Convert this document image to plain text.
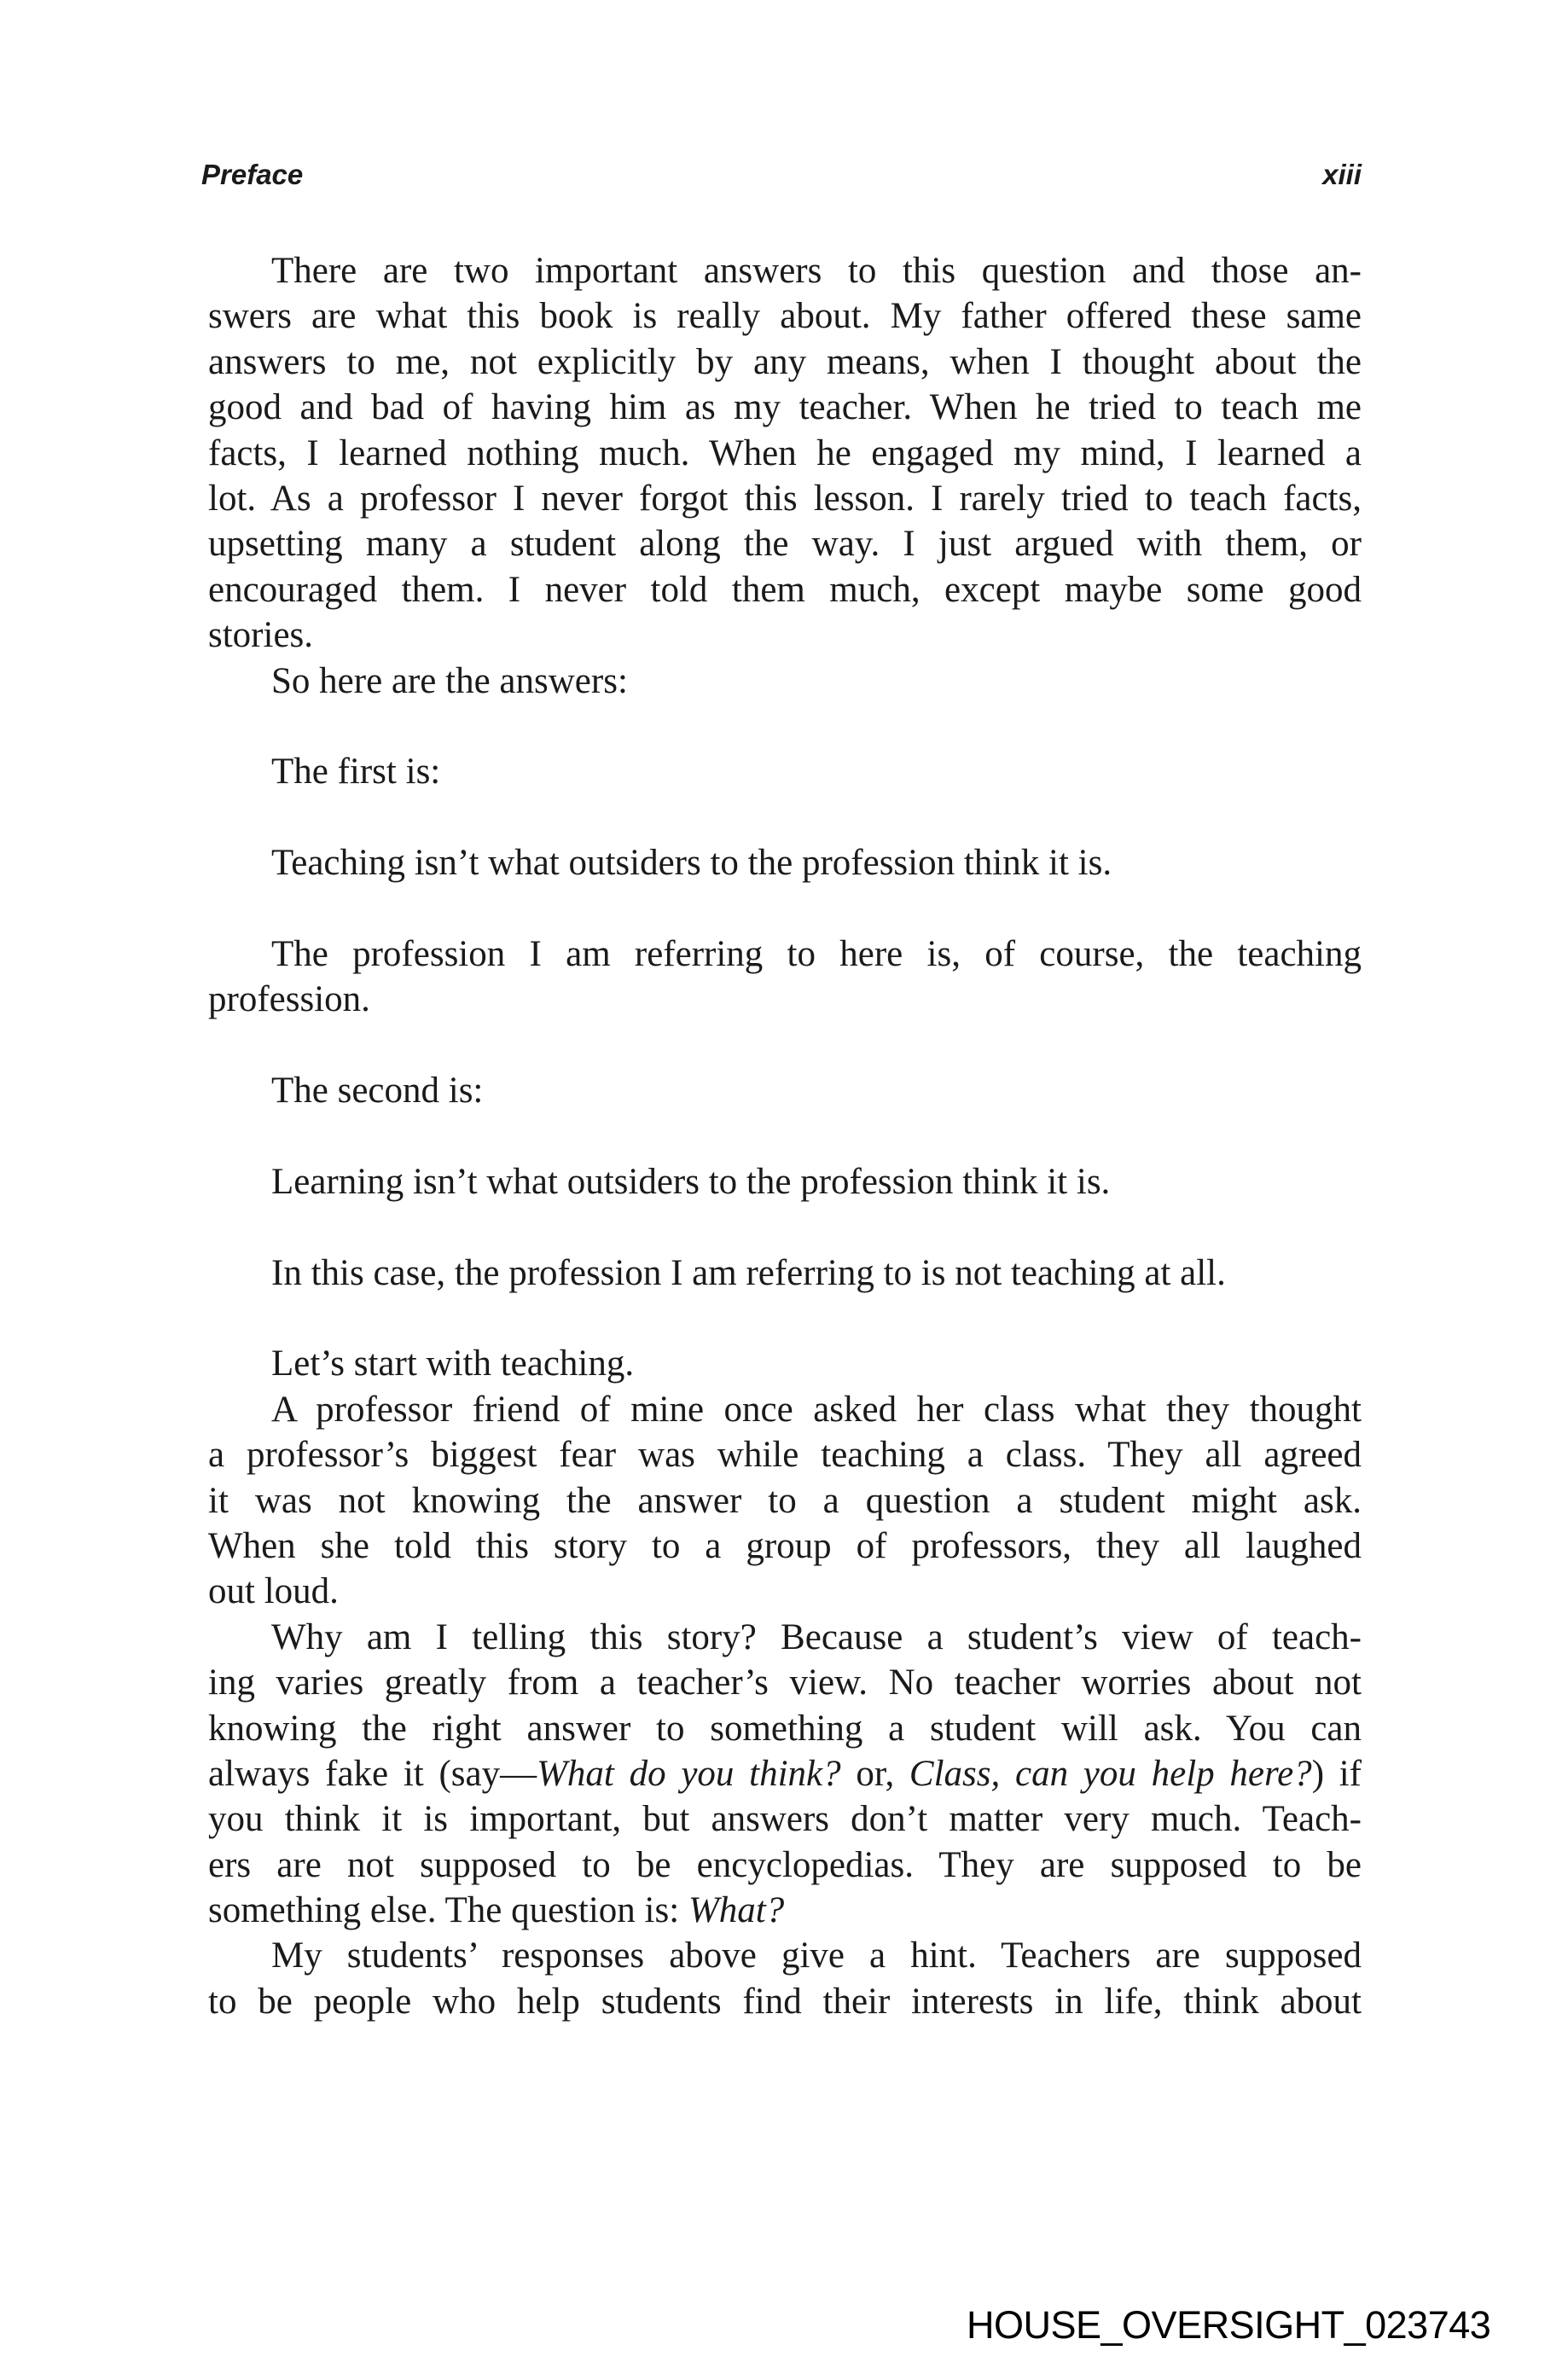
Preface	xiii
There are two important answers to this question and those an-
swers are what this book is really about. My father offered these same
answers to me, not explicitly by any means, when I thought about the
good and bad of having him as my teacher. When he tried to teach me
facts, I learned nothing much. When he engaged my mind, I learned a
lot. As a professor I never forgot this lesson. I rarely tried to teach facts,
upsetting many a student along the way. I just argued with them, or
encouraged them. I never told them much, except maybe some good
stories.
So here are the answers:
The first is:
Teaching isn’t what outsiders to the profession think it is.
The profession I am referring to here is, of course, the teaching
profession.
The second is:
Learning isn’t what outsiders to the profession think it is.
In this case, the profession I am referring to is not teaching at all.
Let’s start with teaching.
A professor friend of mine once asked her class what they thought
a professor’s biggest fear was while teaching a class. They all agreed
it was not knowing the answer to a question a student might ask.
When she told this story to a group of professors, they all laughed
out loud.
Why am I telling this story? Because a student’s view of teach-
ing varies greatly from a teacher’s view. No teacher worries about not
knowing the right answer to something a student will ask. You can
always fake it (say—What do you think? or, Class, can you help here?) if
you think it is important, but answers don’t matter very much. Teach-
ers are not supposed to be encyclopedias. They are supposed to be
something else. The question is: What?
My students’ responses above give a hint. Teachers are supposed
to be people who help students find their interests in life, think about
HOUSE_OVERSIGHT_023743
